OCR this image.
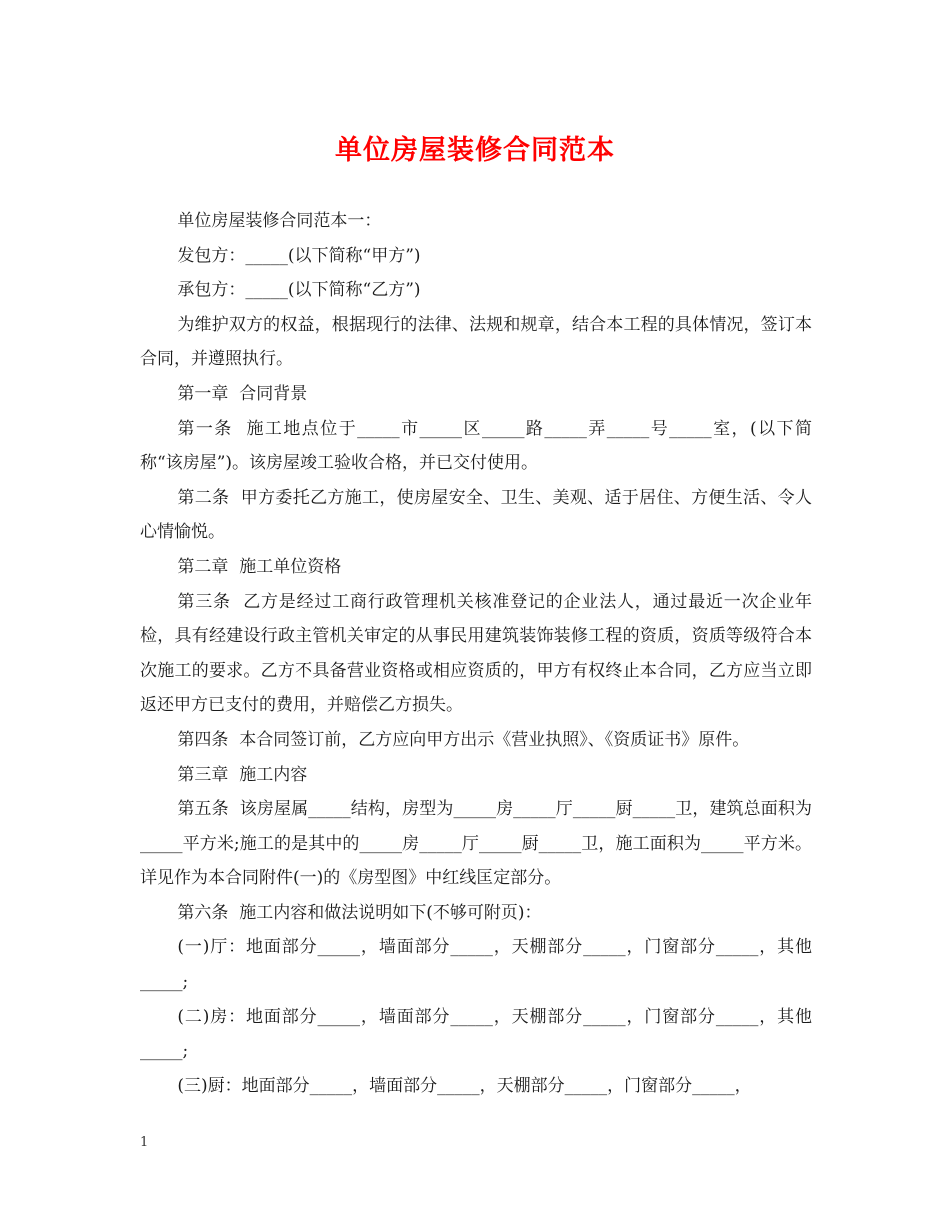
单位房屋装修合同范本

单位房屋装修合同范本一：

发包方：_____(以下简称“甲方”)

承包方：_____(以下简称“乙方”)

为维护双方的权益，根据现行的法律、法规和规章，结合本工程的具体情况，签订本合同，并遵照执行。

第一章  合同背景

第一条  施工地点位于_____市_____区_____路_____弄_____号_____室，(以下简称“该房屋”)。该房屋竣工验收合格，并已交付使用。

第二条  甲方委托乙方施工，使房屋安全、卫生、美观、适于居住、方便生活、令人心情愉悦。

第二章  施工单位资格

第三条  乙方是经过工商行政管理机关核准登记的企业法人，通过最近一次企业年检，具有经建设行政主管机关审定的从事民用建筑装饰装修工程的资质，资质等级符合本次施工的要求。乙方不具备营业资格或相应资质的，甲方有权终止本合同，乙方应当立即返还甲方已支付的费用，并赔偿乙方损失。

第四条  本合同签订前，乙方应向甲方出示《营业执照》、《资质证书》原件。

第三章  施工内容

第五条  该房屋属_____结构，房型为_____房_____厅_____厨_____卫，建筑总面积为_____平方米;施工的是其中的_____房_____厅_____厨_____卫，施工面积为_____平方米。详见作为本合同附件(一)的《房型图》中红线匡定部分。

第六条  施工内容和做法说明如下(不够可附页)：

(一)厅：地面部分_____，墙面部分_____，天棚部分_____，门窗部分_____，其他_____;

(二)房：地面部分_____，墙面部分_____，天棚部分_____，门窗部分_____，其他_____;

(三)厨：地面部分_____，墙面部分_____，天棚部分_____，门窗部分_____，

1
